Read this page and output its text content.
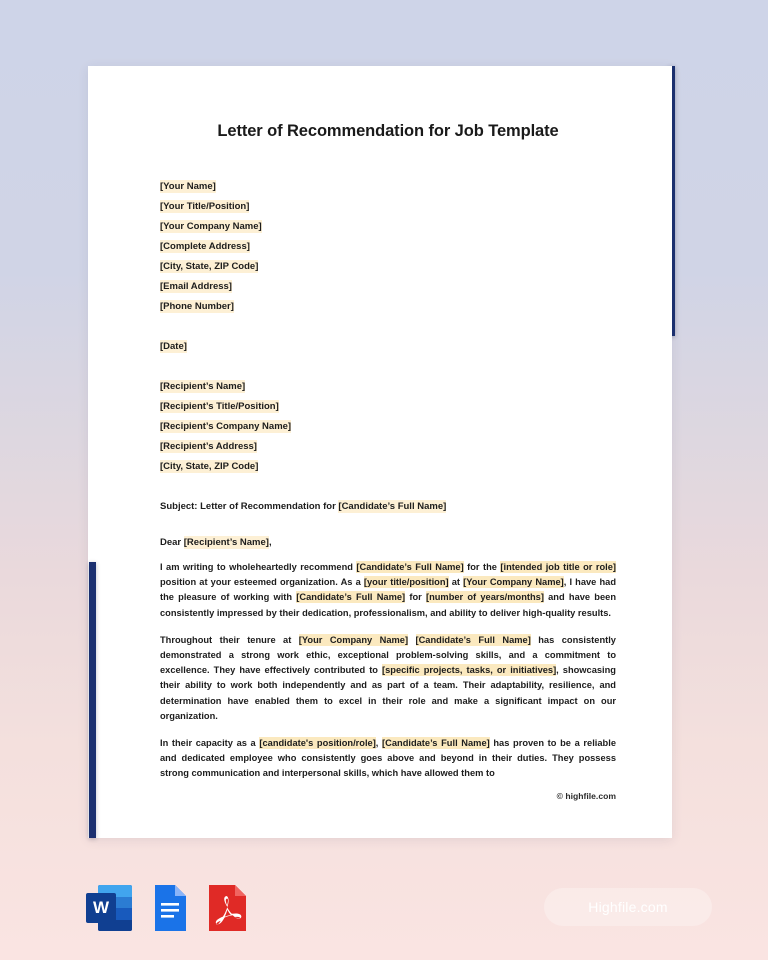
Letter of Recommendation for Job Template
[Your Name]
[Your Title/Position]
[Your Company Name]
[Complete Address]
[City, State, ZIP Code]
[Email Address]
[Phone Number]
[Date]
[Recipient’s Name]
[Recipient’s Title/Position]
[Recipient’s Company Name]
[Recipient’s Address]
[City, State, ZIP Code]
Subject: Letter of Recommendation for [Candidate’s Full Name]
Dear [Recipient’s Name],

I am writing to wholeheartedly recommend [Candidate’s Full Name] for the [intended job title or role] position at your esteemed organization. As a [your title/position] at [Your Company Name], I have had the pleasure of working with [Candidate’s Full Name] for [number of years/months] and have been consistently impressed by their dedication, professionalism, and ability to deliver high-quality results.

Throughout their tenure at [Your Company Name] [Candidate’s Full Name] has consistently demonstrated a strong work ethic, exceptional problem-solving skills, and a commitment to excellence. They have effectively contributed to [specific projects, tasks, or initiatives], showcasing their ability to work both independently and as part of a team. Their adaptability, resilience, and determination have enabled them to excel in their role and make a significant impact on our organization.

In their capacity as a [candidate's position/role], [Candidate’s Full Name] has proven to be a reliable and dedicated employee who consistently goes above and beyond in their duties. They possess strong communication and interpersonal skills, which have allowed them to

© highfile.com
W	Highfile.com
